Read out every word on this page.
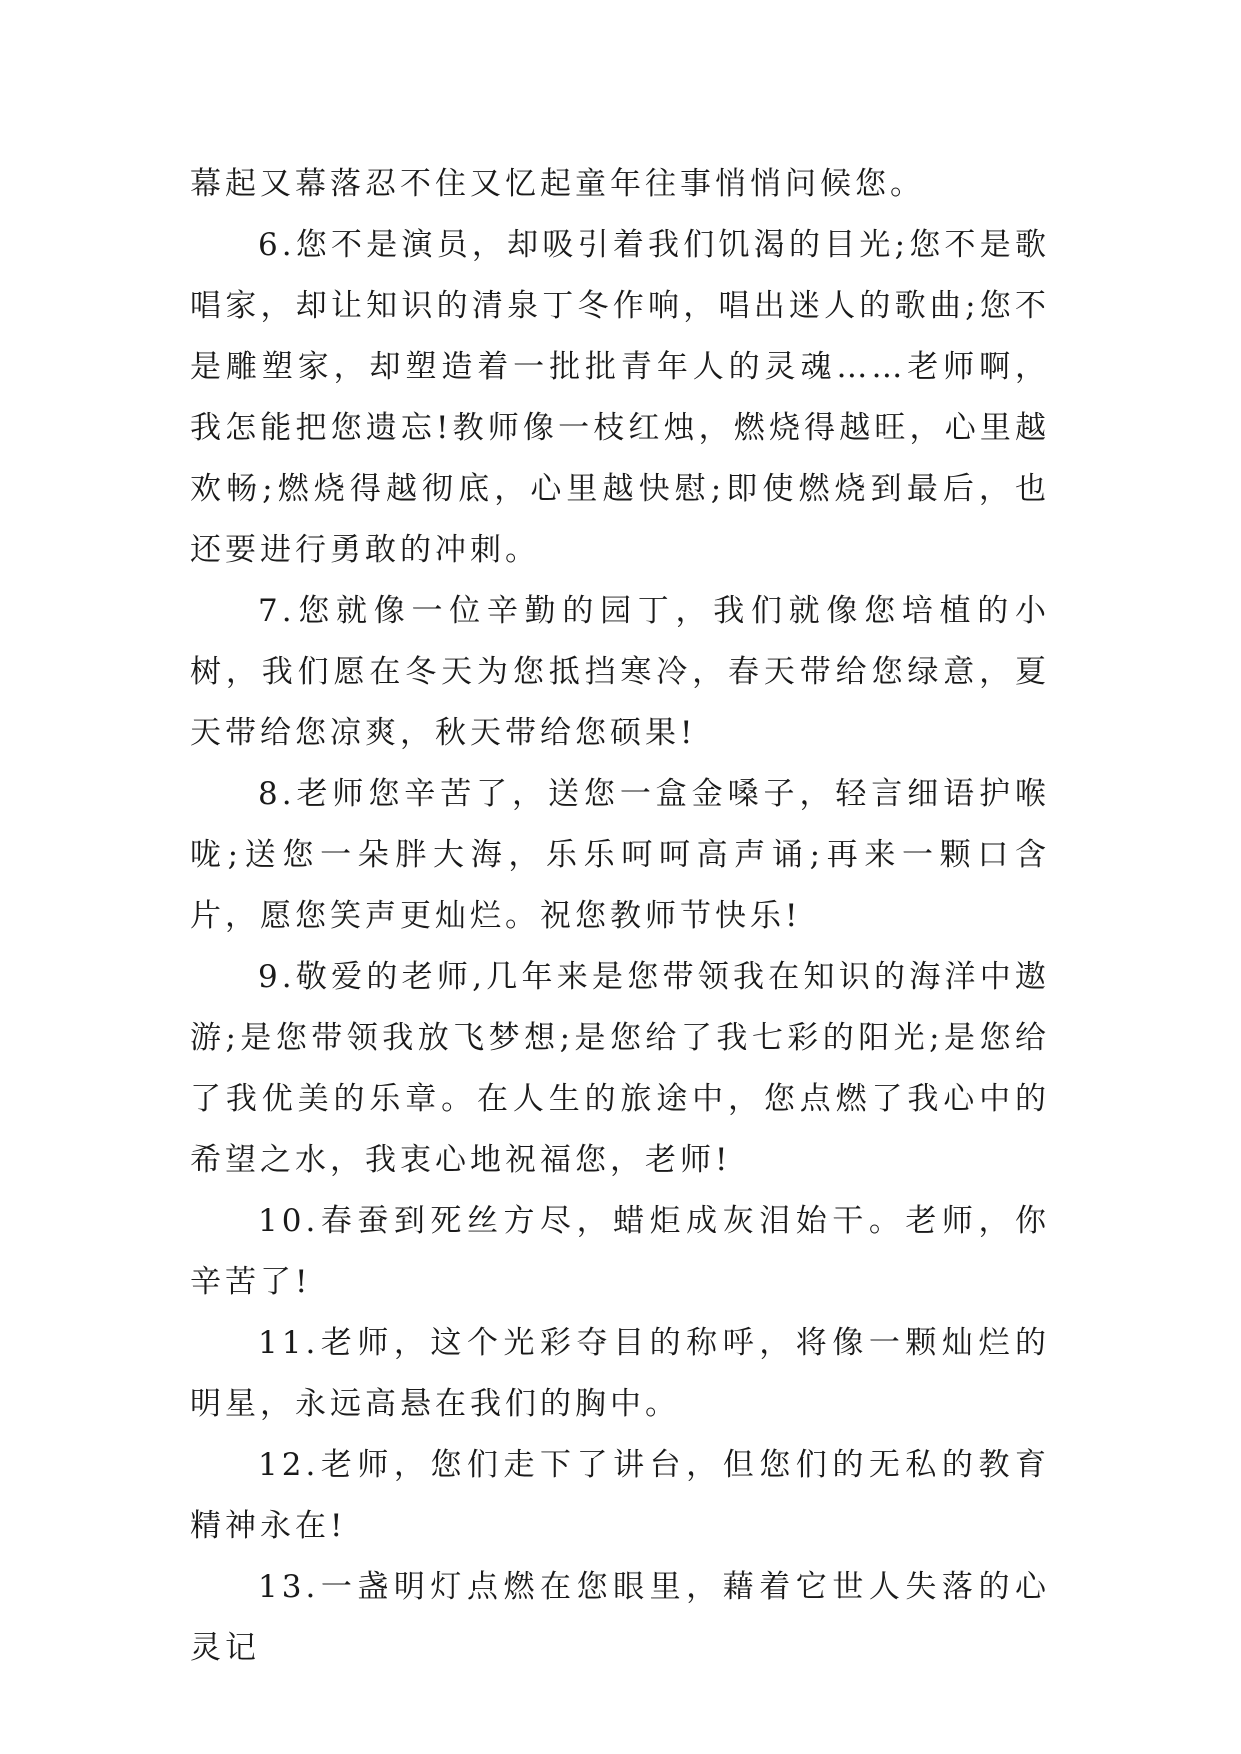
幕起又幕落忍不住又忆起童年往事悄悄问候您。

6.您不是演员，却吸引着我们饥渴的目光;您不是歌唱家，却让知识的清泉丁冬作响，唱出迷人的歌曲;您不是雕塑家，却塑造着一批批青年人的灵魂……老师啊，我怎能把您遗忘!教师像一枝红烛，燃烧得越旺，心里越欢畅;燃烧得越彻底，心里越快慰;即使燃烧到最后，也还要进行勇敢的冲刺。

7.您就像一位辛勤的园丁，我们就像您培植的小树，我们愿在冬天为您抵挡寒冷，春天带给您绿意，夏天带给您凉爽，秋天带给您硕果!

8.老师您辛苦了，送您一盒金嗓子，轻言细语护喉咙;送您一朵胖大海，乐乐呵呵高声诵;再来一颗口含片，愿您笑声更灿烂。祝您教师节快乐!

9.敬爱的老师,几年来是您带领我在知识的海洋中遨游;是您带领我放飞梦想;是您给了我七彩的阳光;是您给了我优美的乐章。在人生的旅途中，您点燃了我心中的希望之水，我衷心地祝福您，老师!

10.春蚕到死丝方尽，蜡炬成灰泪始干。老师，你辛苦了!

11.老师，这个光彩夺目的称呼，将像一颗灿烂的明星，永远高悬在我们的胸中。

12.老师，您们走下了讲台，但您们的无私的教育精神永在!

13.一盏明灯点燃在您眼里，藉着它世人失落的心灵记
